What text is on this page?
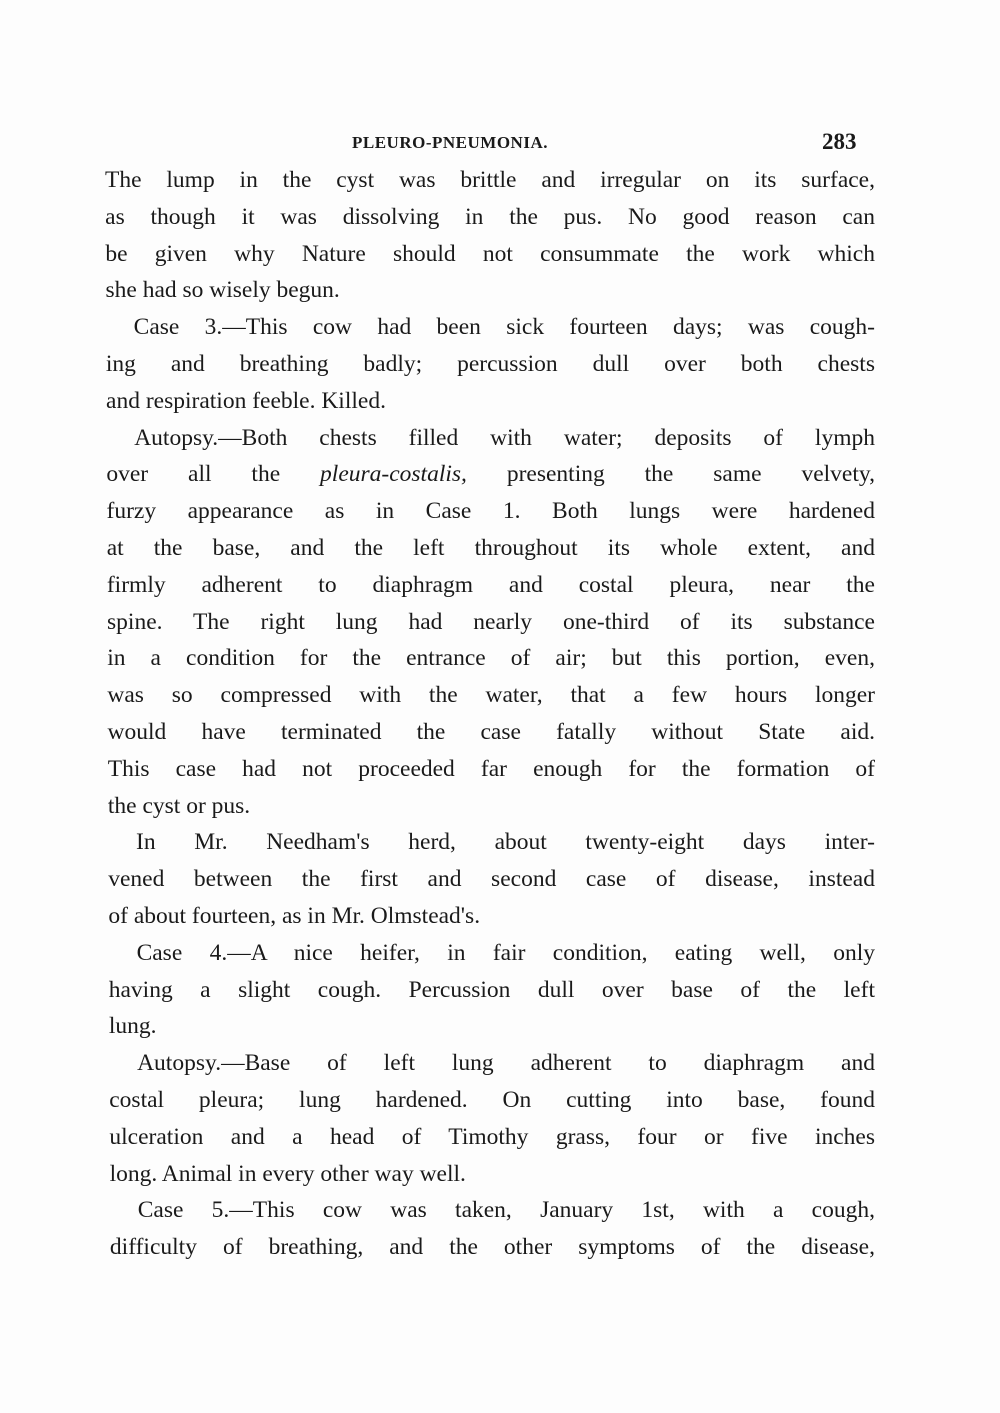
PLEURO-PNEUMONIA.	283
The lump in the cyst was brittle and irregular on its surface,
as though it was dissolving in the pus. No good reason can
be given why Nature should not consummate the work which
she had so wisely begun.
Case 3.—This cow had been sick fourteen days; was cough-
ing and breathing badly; percussion dull over both chests
and respiration feeble. Killed.
Autopsy.—Both chests filled with water; deposits of lymph
over all the pleura-costalis, presenting the same velvety,
furzy appearance as in Case 1. Both lungs were hardened
at the base, and the left throughout its whole extent, and
firmly adherent to diaphragm and costal pleura, near the
spine. The right lung had nearly one-third of its substance
in a condition for the entrance of air; but this portion, even,
was so compressed with the water, that a few hours longer
would have terminated the case fatally without State aid.
This case had not proceeded far enough for the formation of
the cyst or pus.
In Mr. Needham's herd, about twenty-eight days inter-
vened between the first and second case of disease, instead
of about fourteen, as in Mr. Olmstead's.
Case 4.—A nice heifer, in fair condition, eating well, only
having a slight cough. Percussion dull over base of the left
lung.
Autopsy.—Base of left lung adherent to diaphragm and
costal pleura; lung hardened. On cutting into base, found
ulceration and a head of Timothy grass, four or five inches
long. Animal in every other way well.
Case 5.—This cow was taken, January 1st, with a cough,
difficulty of breathing, and the other symptoms of the disease,
